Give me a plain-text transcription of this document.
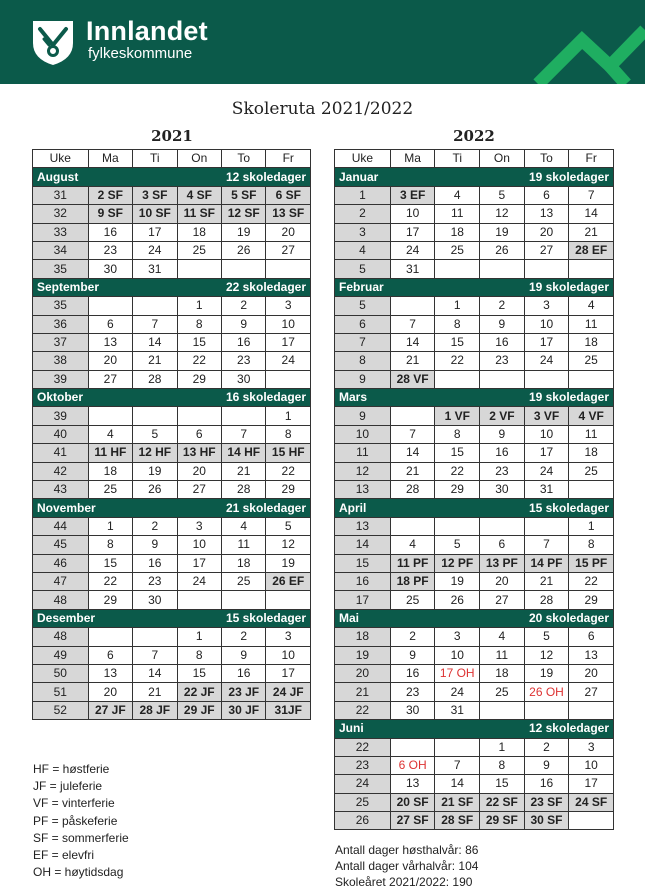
Innlandet
fylkeskommune
Skoleruta 2021/2022
2021	2022
Uke	Ma	Ti	On	To	Fr

August 12 skoledager					

31	2 SF	3 SF	4 SF	5 SF	6 SF
32	9 SF	10 SF	11 SF	12 SF	13 SF
33	16	17	18	19	20
34	23	24	25	26	27
35	30	31			

September 22 skoledager					

35			1	2	3
36	6	7	8	9	10
37	13	14	15	16	17
38	20	21	22	23	24
39	27	28	29	30	

Oktober 16 skoledager					

39					1
40	4	5	6	7	8
41	11 HF	12 HF	13 HF	14 HF	15 HF
42	18	19	20	21	22
43	25	26	27	28	29

November 21 skoledager					

44	1	2	3	4	5
45	8	9	10	11	12
46	15	16	17	18	19
47	22	23	24	25	26 EF
48	29	30			

Desember 15 skoledager					

48			1	2	3
49	6	7	8	9	10
50	13	14	15	16	17
51	20	21	22 JF	23 JF	24 JF
52	27 JF	28 JF	29 JF	30 JF	31JF
Uke	Ma	Ti	On	To	Fr

Januar 19 skoledager					

1	3 EF	4	5	6	7
2	10	11	12	13	14
3	17	18	19	20	21
4	24	25	26	27	28 EF
5	31				

Februar 19 skoledager					

5		1	2	3	4
6	7	8	9	10	11
7	14	15	16	17	18
8	21	22	23	24	25
9	28 VF				

Mars 19 skoledager					

9		1 VF	2 VF	3 VF	4 VF
10	7	8	9	10	11
11	14	15	16	17	18
12	21	22	23	24	25
13	28	29	30	31	

April 15 skoledager					

13					1
14	4	5	6	7	8
15	11 PF	12 PF	13 PF	14 PF	15 PF
16	18 PF	19	20	21	22
17	25	26	27	28	29

Mai 20 skoledager					

18	2	3	4	5	6
19	9	10	11	12	13
20	16	17 OH	18	19	20
21	23	24	25	26 OH	27
22	30	31			

Juni 12 skoledager					

22			1	2	3
23	6 OH	7	8	9	10
24	13	14	15	16	17
25	20 SF	21 SF	22 SF	23 SF	24 SF
26	27 SF	28 SF	29 SF	30 SF	
HF = høstferie
JF = juleferie
VF = vinterferie
PF = påskeferie
SF = sommerferie
EF = elevfri
OH = høytidsdag
Antall dager høsthalvår: 86
Antall dager vårhalvår: 104
Skoleåret 2021/2022: 190
